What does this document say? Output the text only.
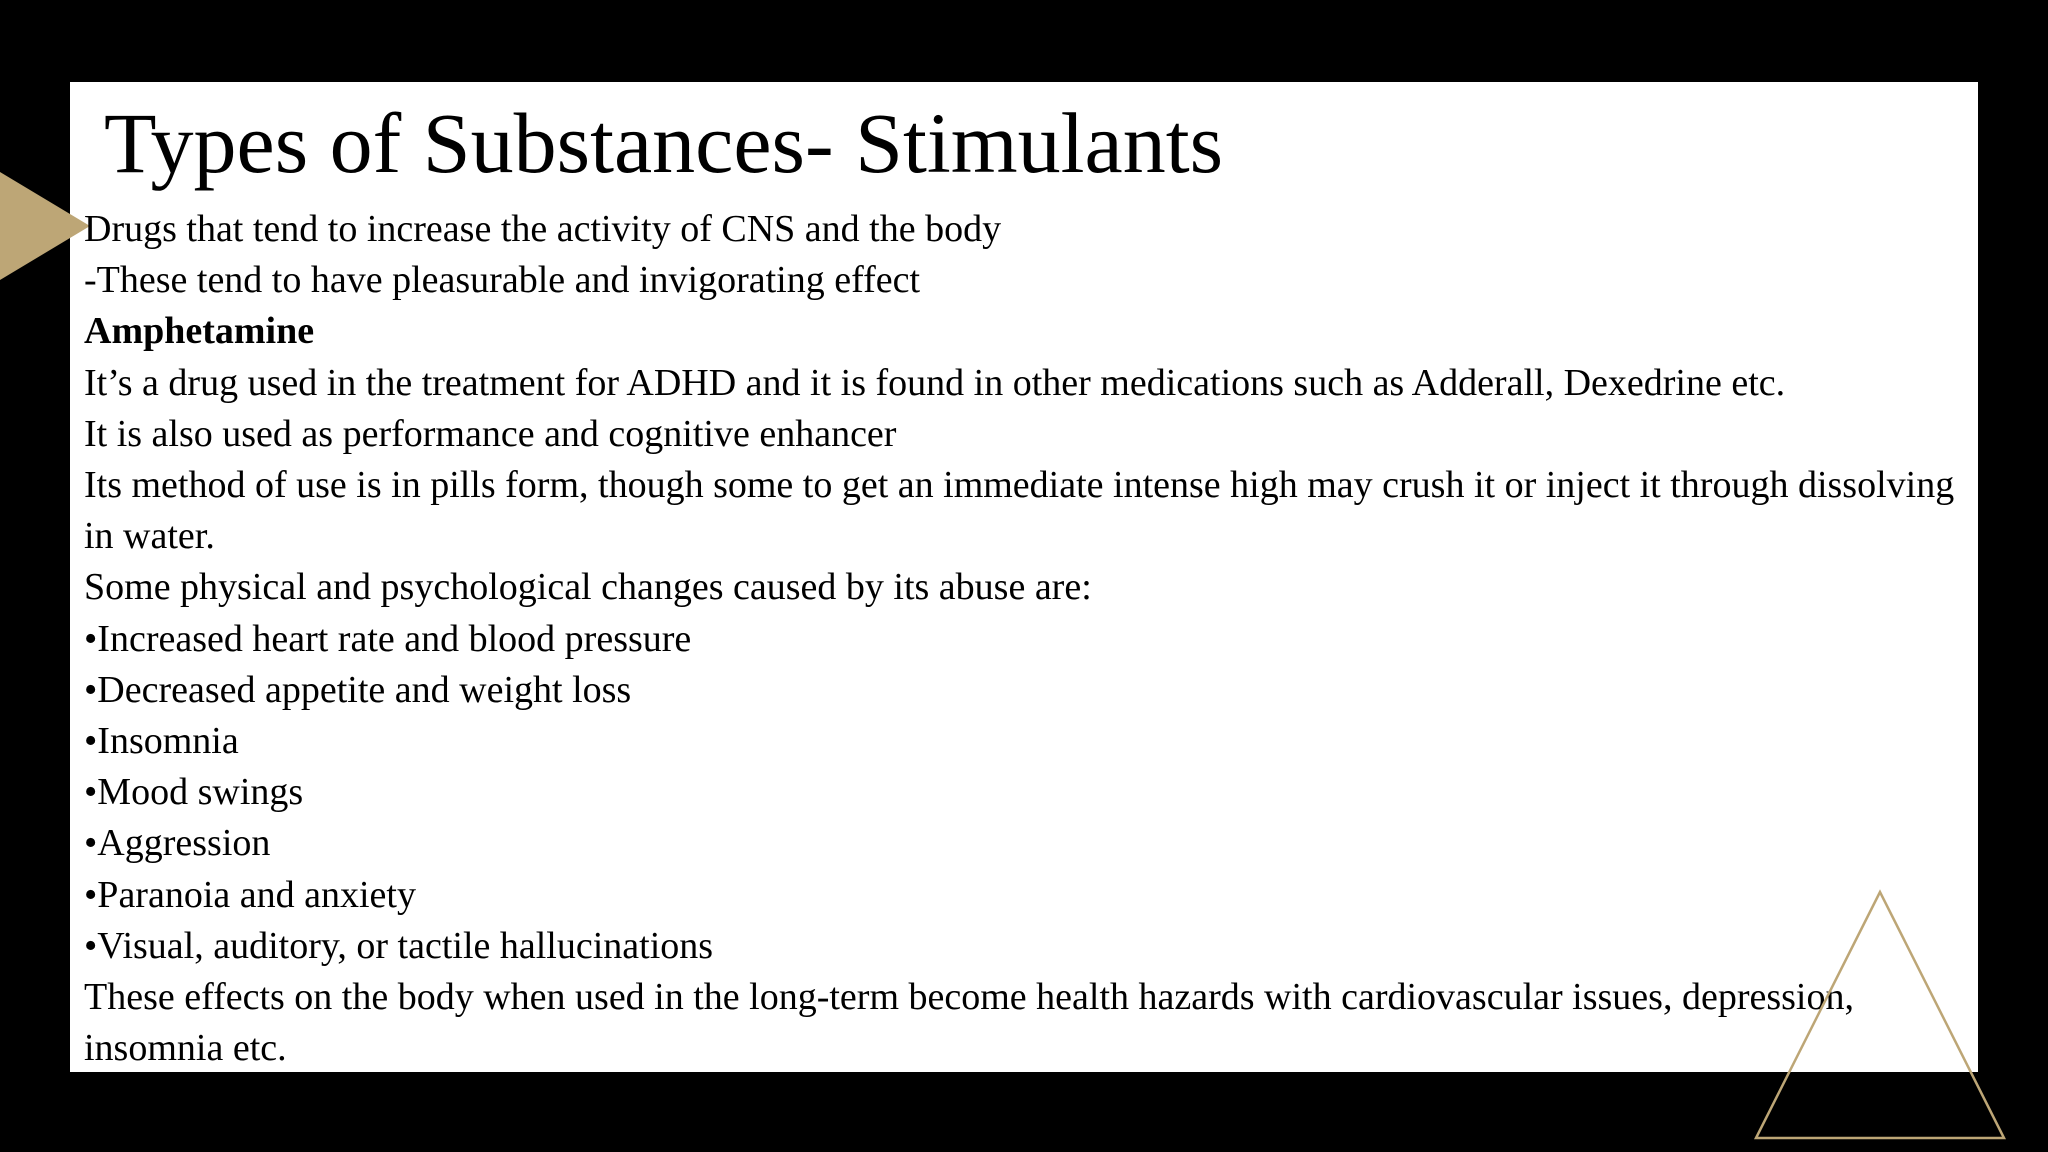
Types of Substances- Stimulants

Drugs that tend to increase the activity of CNS and the body

-These tend to have pleasurable and invigorating effect

Amphetamine

It’s a drug used in the treatment for ADHD and it is found in other medications such as Adderall, Dexedrine etc.

It is also used as performance and cognitive enhancer

Its method of use is in pills form, though some to get an immediate intense high may crush it or inject it through dissolving in water.

Some physical and psychological changes caused by its abuse are:

•Increased heart rate and blood pressure

•Decreased appetite and weight loss

•Insomnia

•Mood swings

•Aggression

•Paranoia and anxiety

•Visual, auditory, or tactile hallucinations

These effects on the body when used in the long-term become health hazards with cardiovascular issues, depression, insomnia etc.
